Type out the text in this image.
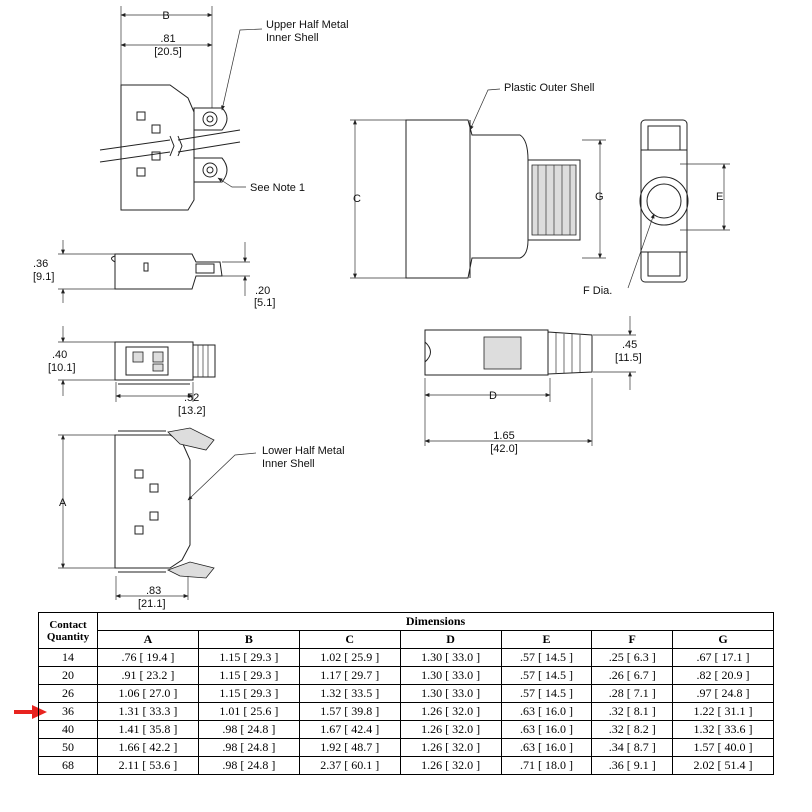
B
.81
[20.5]
Upper Half Metal
Inner Shell
See Note 1
.36
[9.1]
.20
[5.1]
.40
[10.1]
.52
[13.2]
A
Lower Half Metal
Inner Shell
.83
[21.1]
C	G
Plastic Outer Shell
E
F Dia.
.45
[11.5]
D
1.65
[42.0]
Contact
Quantity	Dimensions						
	A	B	C	D	E	F	G
14	.76 [ 19.4 ]	1.15 [ 29.3 ]	1.02 [ 25.9 ]	1.30 [ 33.0 ]	.57 [ 14.5 ]	.25 [ 6.3 ]	.67 [ 17.1 ]
20	.91 [ 23.2 ]	1.15 [ 29.3 ]	1.17 [ 29.7 ]	1.30 [ 33.0 ]	.57 [ 14.5 ]	.26 [ 6.7 ]	.82 [ 20.9 ]
26	1.06 [ 27.0 ]	1.15 [ 29.3 ]	1.32 [ 33.5 ]	1.30 [ 33.0 ]	.57 [ 14.5 ]	.28 [ 7.1 ]	.97 [ 24.8 ]
36	1.31 [ 33.3 ]	1.01 [ 25.6 ]	1.57 [ 39.8 ]	1.26 [ 32.0 ]	.63 [ 16.0 ]	.32 [ 8.1 ]	1.22 [ 31.1 ]
40	1.41 [ 35.8 ]	.98 [ 24.8 ]	1.67 [ 42.4 ]	1.26 [ 32.0 ]	.63 [ 16.0 ]	.32 [ 8.2 ]	1.32 [ 33.6 ]
50	1.66 [ 42.2 ]	.98 [ 24.8 ]	1.92 [ 48.7 ]	1.26 [ 32.0 ]	.63 [ 16.0 ]	.34 [ 8.7 ]	1.57 [ 40.0 ]
68	2.11 [ 53.6 ]	.98 [ 24.8 ]	2.37 [ 60.1 ]	1.26 [ 32.0 ]	.71 [ 18.0 ]	.36 [ 9.1 ]	2.02 [ 51.4 ]
